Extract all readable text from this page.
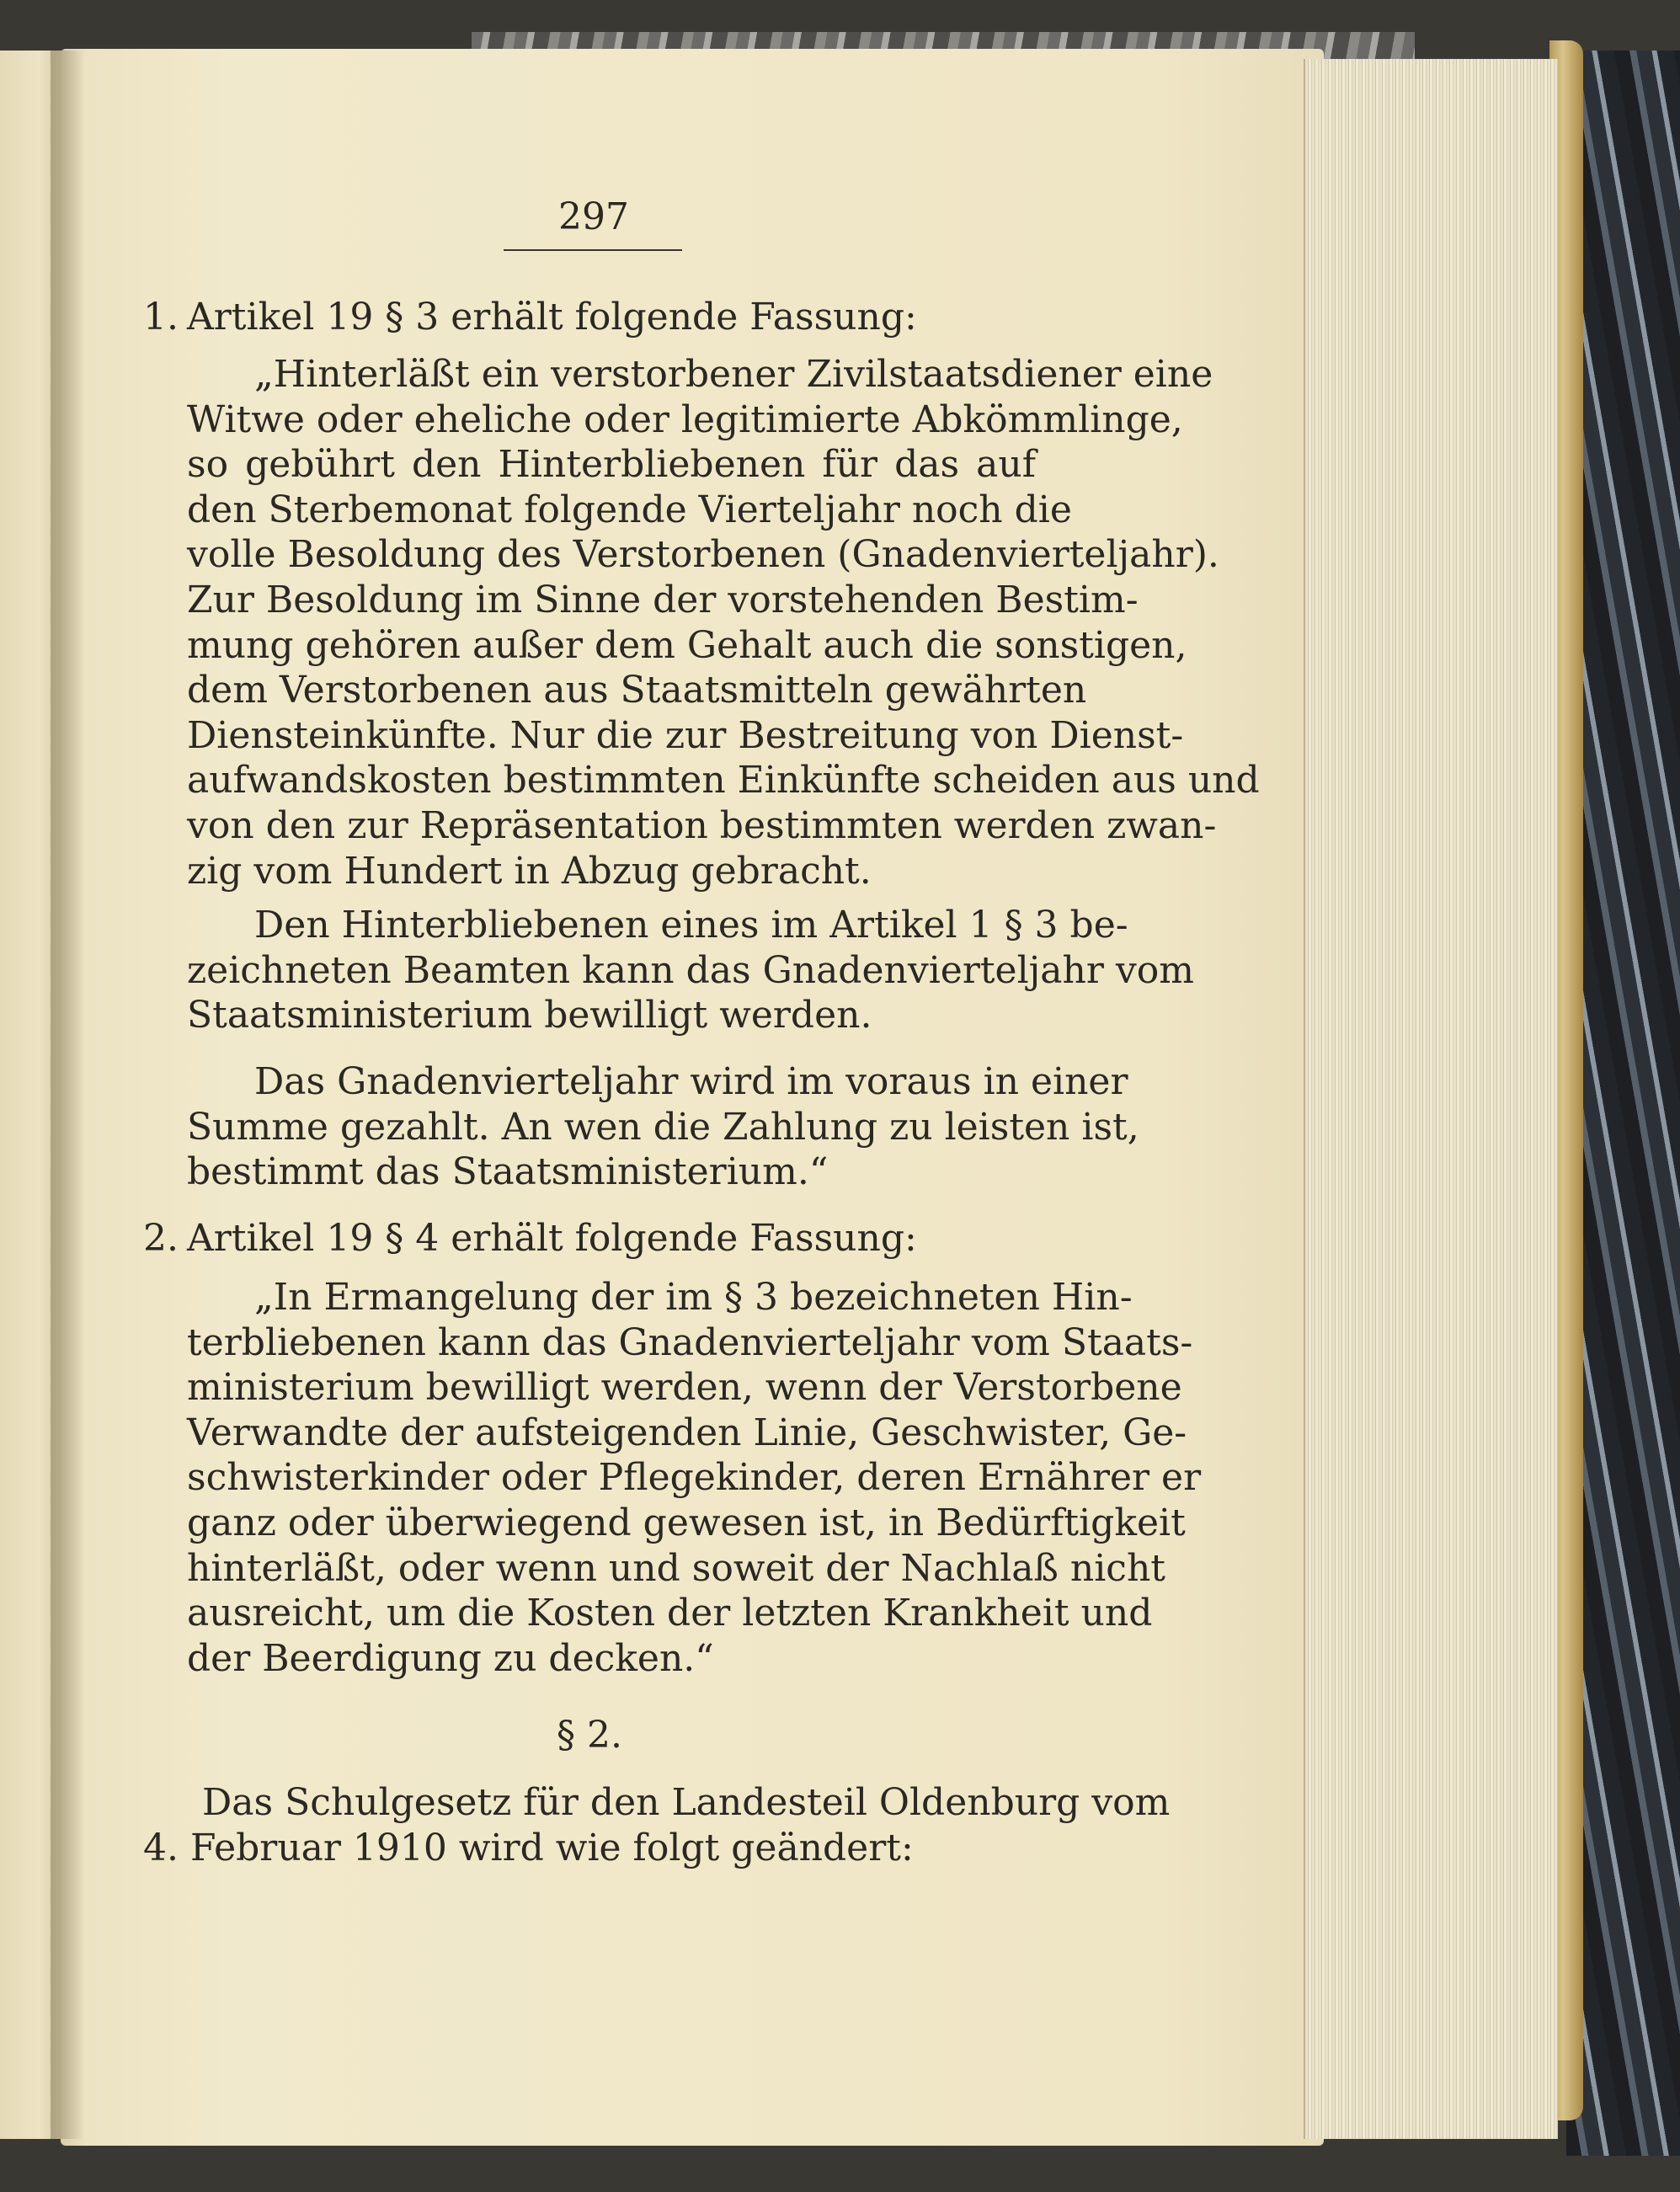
297
1. Artikel 19 § 3 erhält folgende Fassung:
„Hinterläßt ein verstorbener Zivilstaatsdiener eine
Witwe oder eheliche oder legitimierte Abkömmlinge,
so gebührt den Hinterbliebenen für das auf
den Sterbemonat folgende Vierteljahr noch die
volle Besoldung des Verstorbenen (Gnadenvierteljahr).
Zur Besoldung im Sinne der vorstehenden Bestim-
mung gehören außer dem Gehalt auch die sonstigen,
dem Verstorbenen aus Staatsmitteln gewährten
Diensteinkünfte. Nur die zur Bestreitung von Dienst-
aufwandskosten bestimmten Einkünfte scheiden aus und
von den zur Repräsentation bestimmten werden zwan-
zig vom Hundert in Abzug gebracht.
Den Hinterbliebenen eines im Artikel 1 § 3 be-
zeichneten Beamten kann das Gnadenvierteljahr vom
Staatsministerium bewilligt werden.
Das Gnadenvierteljahr wird im voraus in einer
Summe gezahlt. An wen die Zahlung zu leisten ist,
bestimmt das Staatsministerium.“
2. Artikel 19 § 4 erhält folgende Fassung:
„In Ermangelung der im § 3 bezeichneten Hin-
terbliebenen kann das Gnadenvierteljahr vom Staats-
ministerium bewilligt werden, wenn der Verstorbene
Verwandte der aufsteigenden Linie, Geschwister, Ge-
schwisterkinder oder Pflegekinder, deren Ernährer er
ganz oder überwiegend gewesen ist, in Bedürftigkeit
hinterläßt, oder wenn und soweit der Nachlaß nicht
ausreicht, um die Kosten der letzten Krankheit und
der Beerdigung zu decken.“
§ 2.
Das Schulgesetz für den Landesteil Oldenburg vom
4. Februar 1910 wird wie folgt geändert:
